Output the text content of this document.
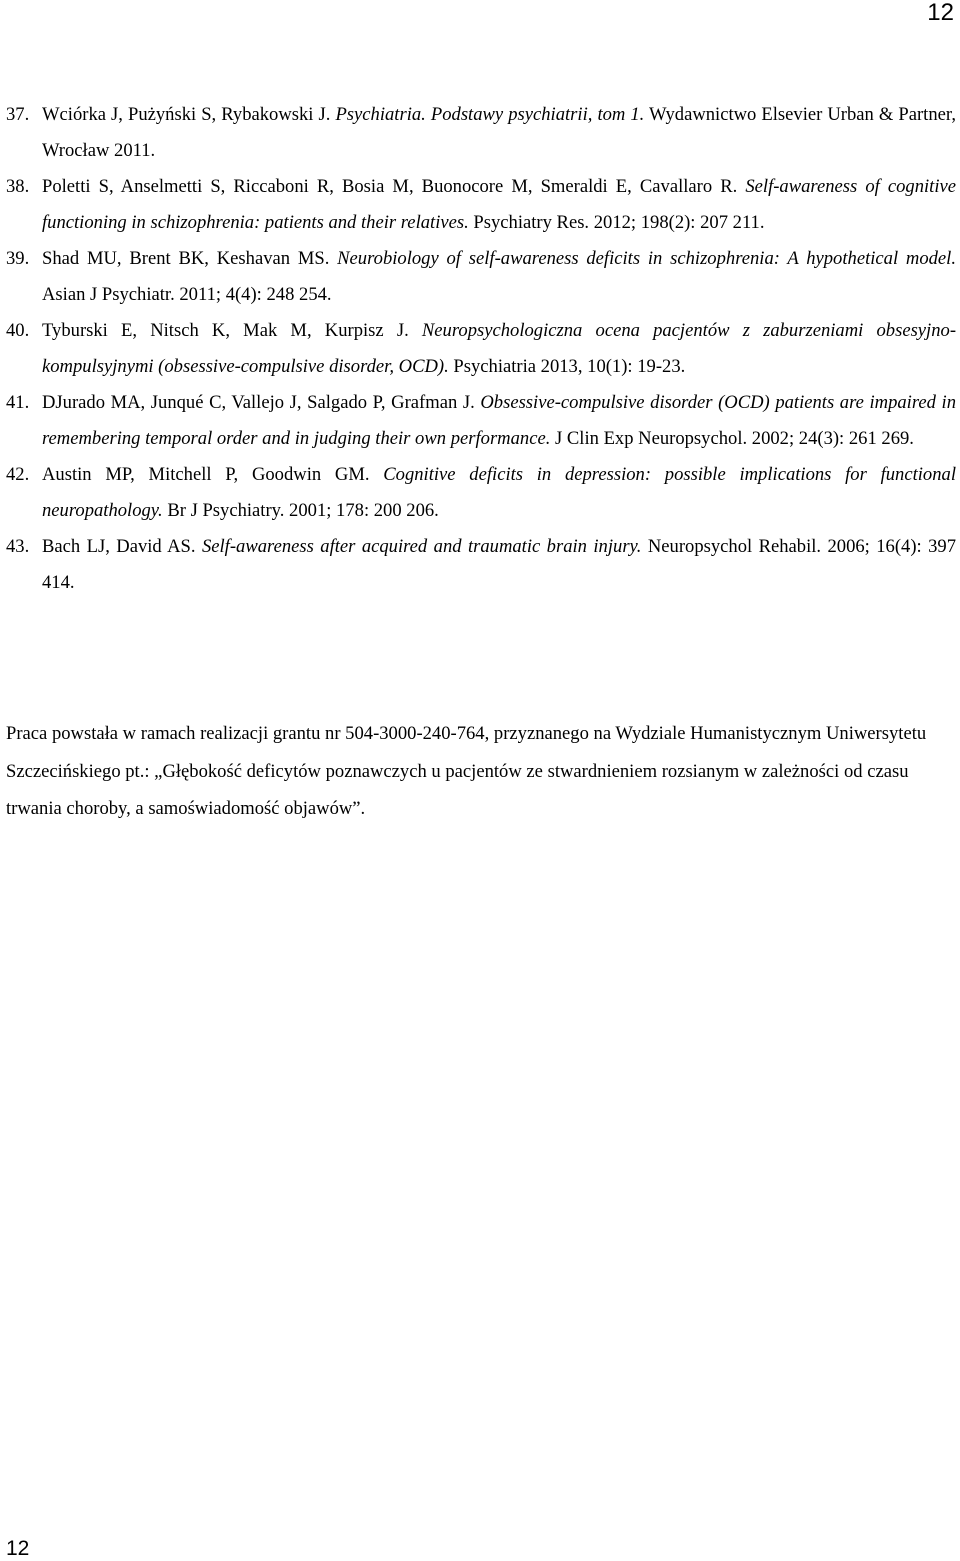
12
37. Wciórka J, Pużyński S, Rybakowski J. Psychiatria. Podstawy psychiatrii, tom 1. Wydawnictwo Elsevier Urban & Partner, Wrocław 2011.
38. Poletti S, Anselmetti S, Riccaboni R, Bosia M, Buonocore M, Smeraldi E, Cavallaro R. Self-awareness of cognitive functioning in schizophrenia: patients and their relatives. Psychiatry Res. 2012; 198(2): 207 211.
39. Shad MU, Brent BK, Keshavan MS. Neurobiology of self-awareness deficits in schizophrenia: A hypothetical model. Asian J Psychiatr. 2011; 4(4): 248 254.
40. Tyburski E, Nitsch K, Mak M, Kurpisz J. Neuropsychologiczna ocena pacjentów z zaburzeniami obsesyjno-kompulsyjnymi (obsessive-compulsive disorder, OCD). Psychiatria 2013, 10(1): 19-23.
41. DJurado MA, Junqué C, Vallejo J, Salgado P, Grafman J. Obsessive-compulsive disorder (OCD) patients are impaired in remembering temporal order and in judging their own performance. J Clin Exp Neuropsychol. 2002; 24(3): 261 269.
42. Austin MP, Mitchell P, Goodwin GM. Cognitive deficits in depression: possible implications for functional neuropathology. Br J Psychiatry. 2001; 178: 200 206.
43. Bach LJ, David AS. Self-awareness after acquired and traumatic brain injury. Neuropsychol Rehabil. 2006; 16(4): 397 414.

Praca powstała w ramach realizacji grantu nr 504-3000-240-764, przyznanego na Wydziale Humanistycznym Uniwersytetu Szczecińskiego pt.: „Głębokość deficytów poznawczych u pacjentów ze stwardnieniem rozsianym w zależności od czasu trwania choroby, a samoświadomość objawów”.

12
